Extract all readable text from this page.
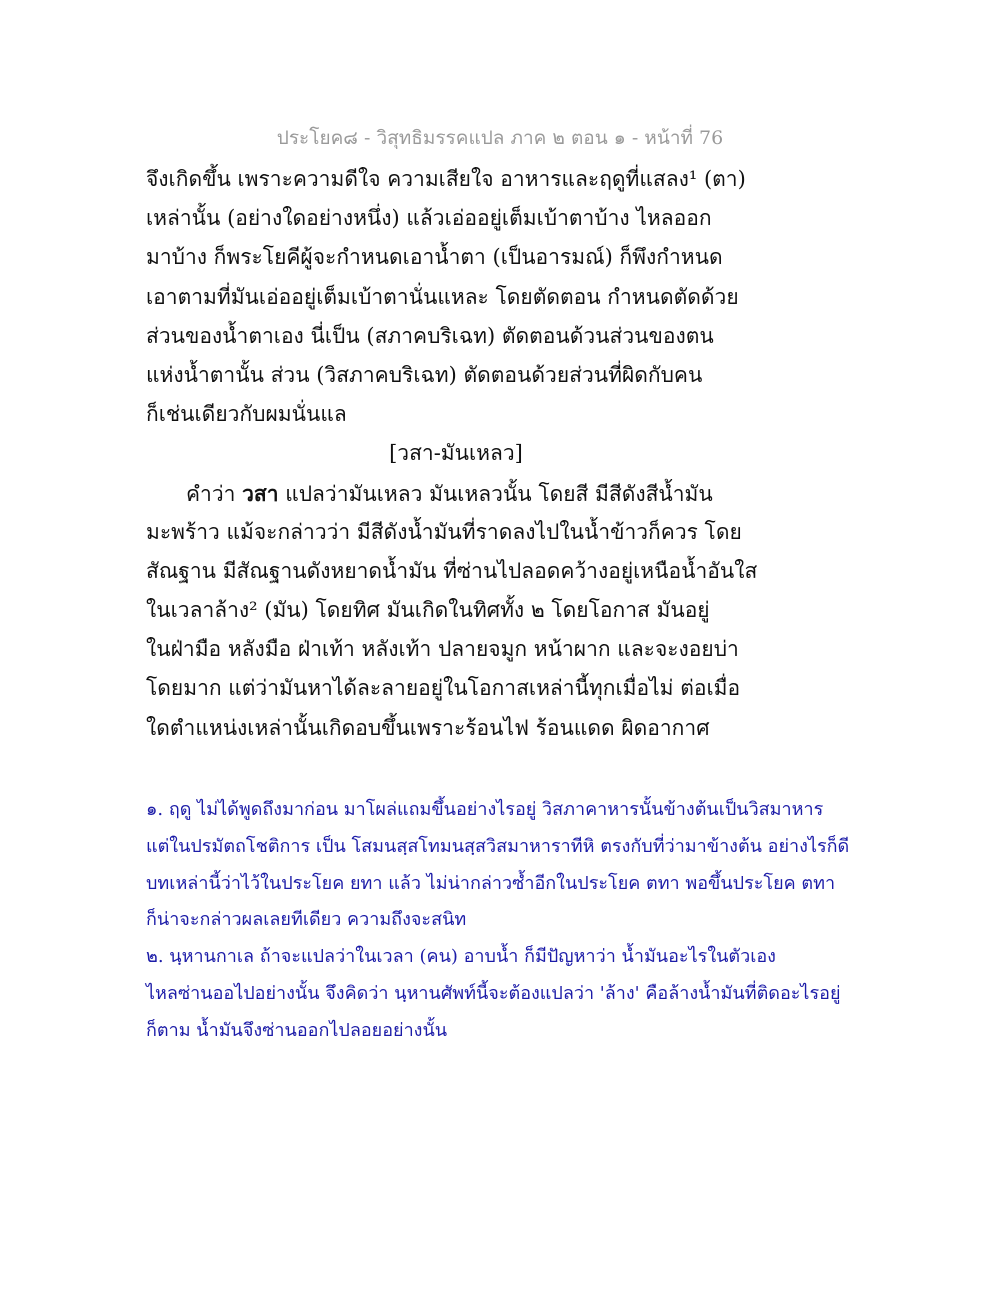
ประโยค๘ - วิสุทธิมรรคแปล ภาค ๒ ตอน ๑ - หน้าที่ 76
จึงเกิดขึ้น เพราะความดีใจ ความเสียใจ อาหารและฤดูที่แสลง¹ (ตา)
เหล่านั้น (อย่างใดอย่างหนึ่ง) แล้วเอ่ออยู่เต็มเบ้าตาบ้าง ไหลออก
มาบ้าง ก็พระโยคีผู้จะกำหนดเอาน้ำตา (เป็นอารมณ์) ก็พึงกำหนด
เอาตามที่มันเอ่ออยู่เต็มเบ้าตานั่นแหละ โดยตัดตอน กำหนดตัดด้วย
ส่วนของน้ำตาเอง นี่เป็น (สภาคบริเฉท) ตัดตอนด้วนส่วนของตน
แห่งน้ำตานั้น ส่วน (วิสภาคบริเฉท) ตัดตอนด้วยส่วนที่ผิดกับคน
ก็เช่นเดียวกับผมนั่นแล
[วสา-มันเหลว]
คำว่า วสา แปลว่ามันเหลว มันเหลวนั้น โดยสี มีสีดังสีน้ำมัน
มะพร้าว แม้จะกล่าวว่า มีสีดังน้ำมันที่ราดลงไปในน้ำข้าวก็ควร โดย
สัณฐาน มีสัณฐานดังหยาดน้ำมัน ที่ซ่านไปลอดคว้างอยู่เหนือน้ำอันใส
ในเวลาล้าง² (มัน) โดยทิศ มันเกิดในทิศทั้ง ๒ โดยโอกาส มันอยู่
ในฝ่ามือ หลังมือ ฝ่าเท้า หลังเท้า ปลายจมูก หน้าผาก และจะงอยบ่า
โดยมาก แต่ว่ามันหาได้ละลายอยู่ในโอกาสเหล่านี้ทุกเมื่อไม่ ต่อเมื่อ
ใดตำแหน่งเหล่านั้นเกิดอบขึ้นเพราะร้อนไฟ ร้อนแดด ผิดอากาศ
๑. ฤดู ไม่ได้พูดถึงมาก่อน มาโผล่แถมขึ้นอย่างไรอยู่ วิสภาคาหารนั้นข้างต้นเป็นวิสมาหาร
แต่ในปรมัตถโชติการ เป็น โสมนสฺสโทมนสฺสวิสมาหาราทีหิ ตรงกับที่ว่ามาข้างต้น อย่างไรก็ดี
บทเหล่านี้ว่าไว้ในประโยค ยทา แล้ว ไม่น่ากล่าวซ้ำอีกในประโยค ตทา พอขึ้นประโยค ตทา
ก็น่าจะกล่าวผลเลยทีเดียว ความถึงจะสนิท
๒. นฺหานกาเล ถ้าจะแปลว่าในเวลา (คน) อาบน้ำ ก็มีปัญหาว่า น้ำมันอะไรในตัวเอง
ไหลซ่านออไปอย่างนั้น จึงคิดว่า นฺหานศัพท์นี้จะต้องแปลว่า 'ล้าง' คือล้างน้ำมันที่ติดอะไรอยู่
ก็ตาม น้ำมันจึงซ่านออกไปลอยอย่างนั้น
